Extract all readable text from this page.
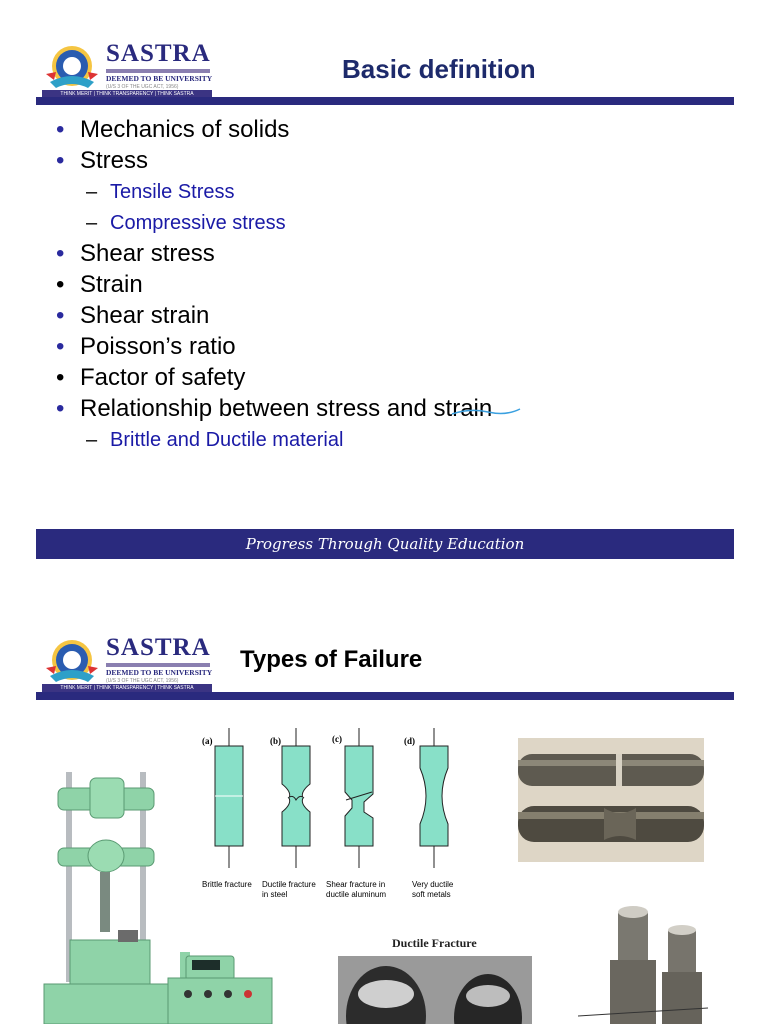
SASTRA
DEEMED TO BE UNIVERSITY
(U/S 3 OF THE UGC ACT, 1956)
THINK MERIT | THINK TRANSPARENCY | THINK SASTRA
Basic definition
• Mechanics of solids
• Stress
– Tensile Stress
– Compressive stress
• Shear stress
• Strain
• Shear strain
• Poisson’s ratio
• Factor of safety
• Relationship between stress and strain
– Brittle and Ductile material
Progress Through Quality Education
SASTRA
DEEMED TO BE UNIVERSITY
(U/S 3 OF THE UGC ACT, 1956)
THINK MERIT | THINK TRANSPARENCY | THINK SASTRA
Types of Failure
(a)	(b)	(c)	(d)
Brittle fracture Ductile fracture in steel
Shear fracture in ductile aluminum
Very ductile soft metals
Ductile Fracture
